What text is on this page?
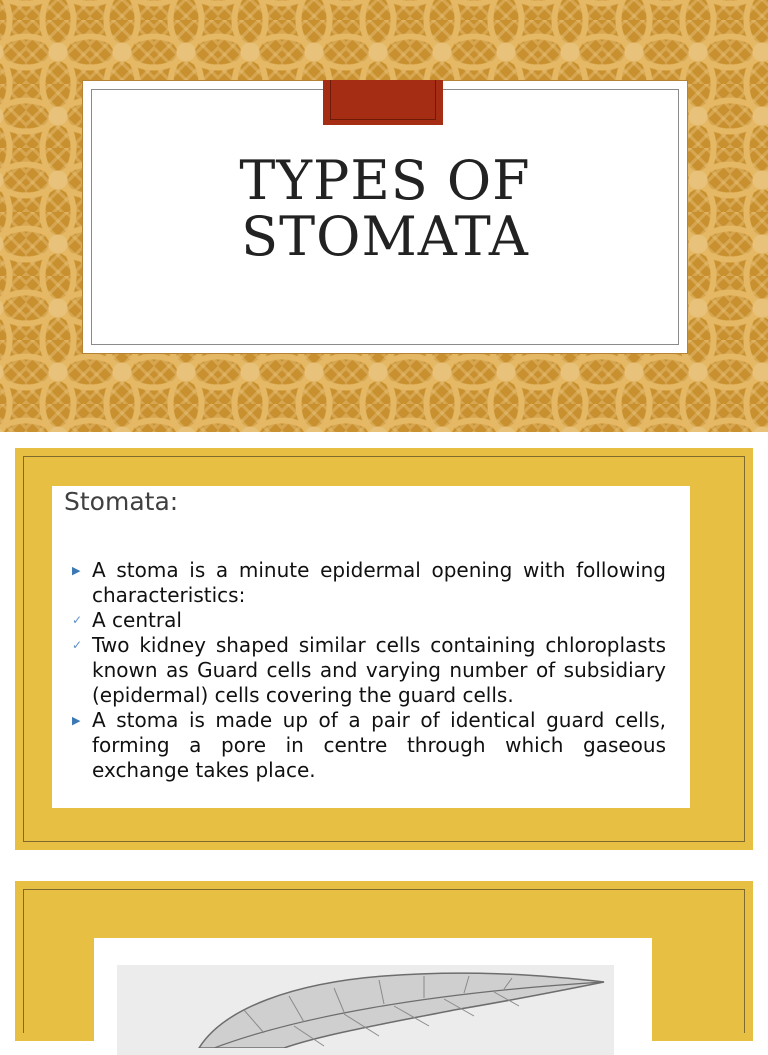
TYPES OF
STOMATA
Stomata:
▶ A stoma is a minute epidermal opening with following characteristics:
✓ A central
✓ Two kidney shaped similar cells containing chloroplasts known as Guard cells and varying number of subsidiary (epidermal) cells covering the guard cells.
▶ A stoma is made up of a pair of identical guard cells, forming a pore in centre through which gaseous exchange takes place.
